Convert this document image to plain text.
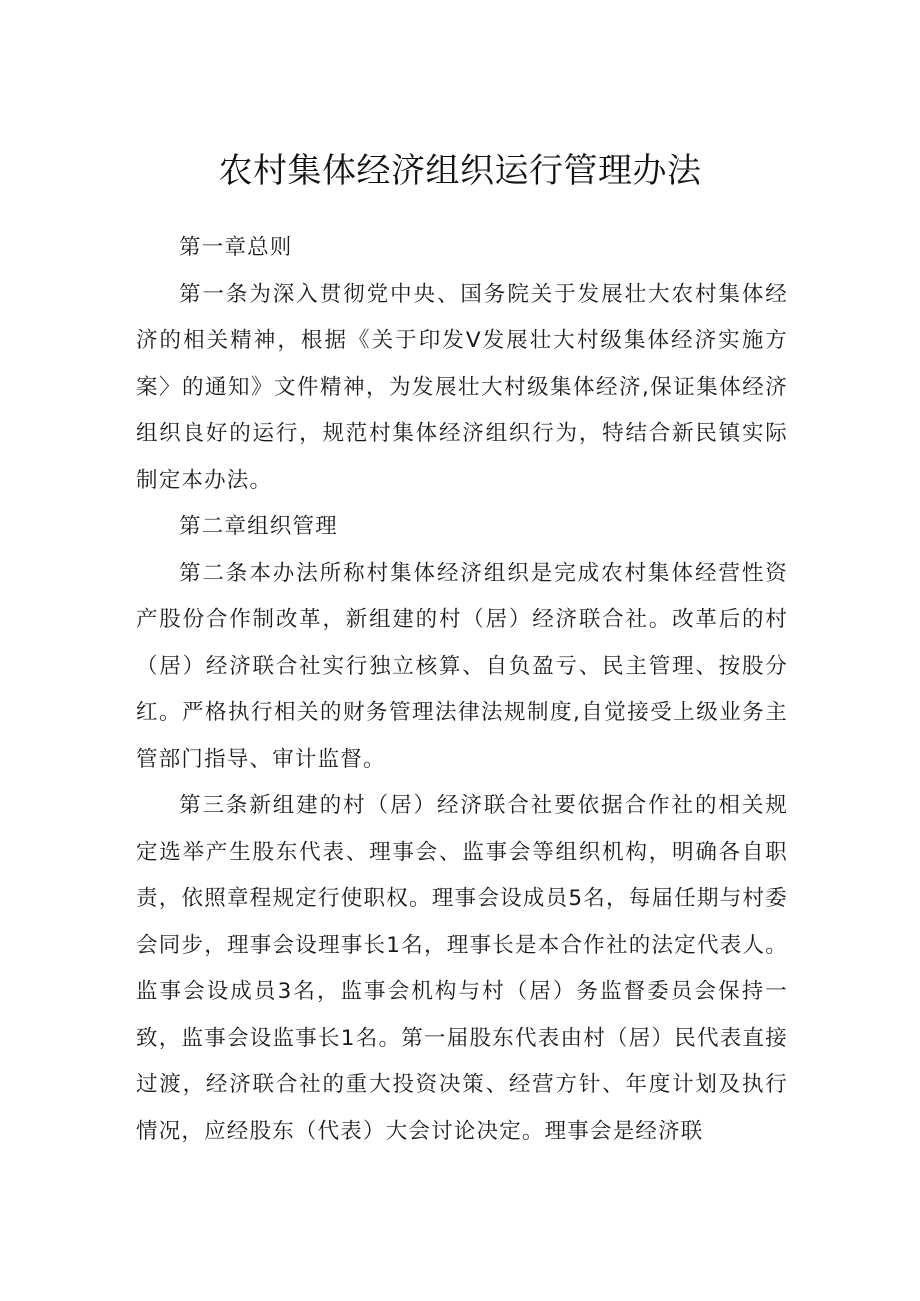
农村集体经济组织运行管理办法

第一章总则

第一条为深入贯彻党中央、国务院关于发展壮大农村集体经济的相关精神，根据《关于印发V发展壮大村级集体经济实施方案〉的通知》文件精神，为发展壮大村级集体经济,保证集体经济组织良好的运行，规范村集体经济组织行为，特结合新民镇实际制定本办法。

第二章组织管理

第二条本办法所称村集体经济组织是完成农村集体经营性资产股份合作制改革，新组建的村（居）经济联合社。改革后的村（居）经济联合社实行独立核算、自负盈亏、民主管理、按股分红。严格执行相关的财务管理法律法规制度,自觉接受上级业务主管部门指导、审计监督。

第三条新组建的村（居）经济联合社要依据合作社的相关规定选举产生股东代表、理事会、监事会等组织机构，明确各自职责，依照章程规定行使职权。理事会设成员5名，每届任期与村委会同步，理事会设理事长1名，理事长是本合作社的法定代表人。监事会设成员3名，监事会机构与村（居）务监督委员会保持一致，监事会设监事长1名。第一届股东代表由村（居）民代表直接过渡，经济联合社的重大投资决策、经营方针、年度计划及执行情况，应经股东（代表）大会讨论决定。理事会是经济联
